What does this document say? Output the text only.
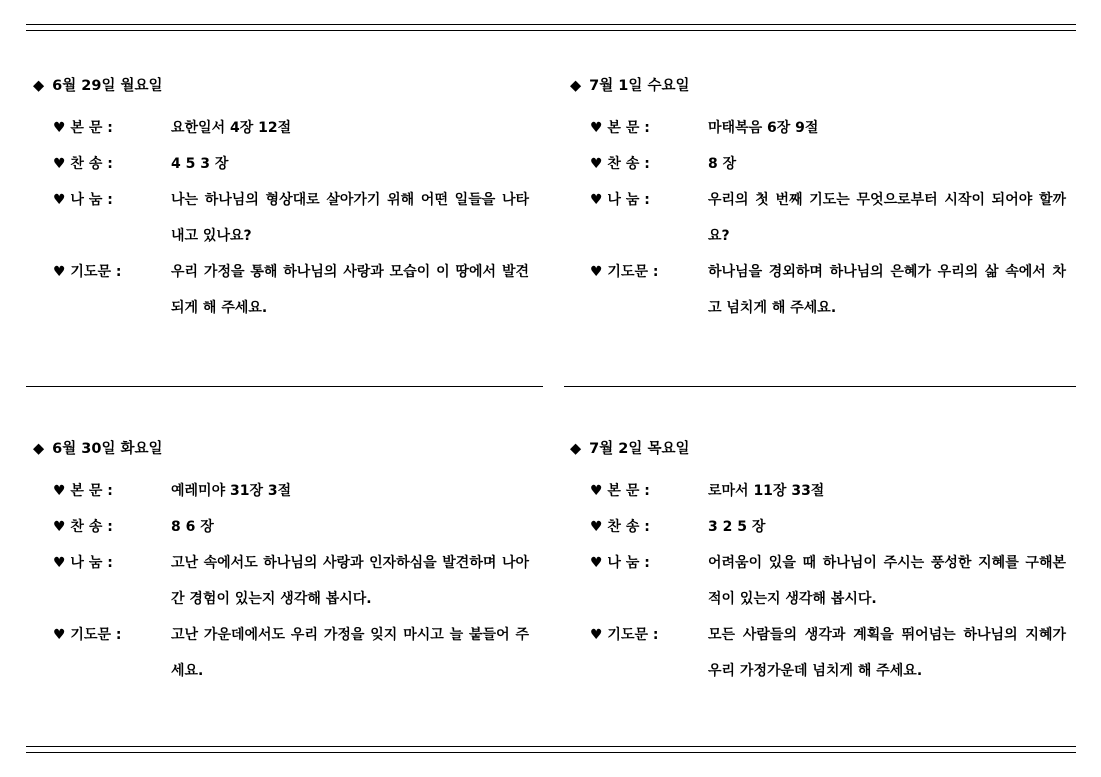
◆ 6월 29일 월요일
♥ 본 문 :	요한일서 4장 12절
♥ 찬 송 :	4 5 3 장
♥ 나 눔 :	나는 하나님의 형상대로 살아가기 위해 어떤 일들을 나타내고 있나요?
♥ 기도문 :	우리 가정을 통해 하나님의 사랑과 모습이 이 땅에서 발견되게 해 주세요.
◆ 7월 1일 수요일
♥ 본 문 :	마태복음 6장 9절
♥ 찬 송 :	8 장
♥ 나 눔 :	우리의 첫 번째 기도는 무엇으로부터 시작이 되어야 할까요?
♥ 기도문 :	하나님을 경외하며 하나님의 은혜가 우리의 삶 속에서 차고 넘치게 해 주세요.
◆ 6월 30일 화요일
♥ 본 문 :	예레미야 31장 3절
♥ 찬 송 :	8 6 장
♥ 나 눔 :	고난 속에서도 하나님의 사랑과 인자하심을 발견하며 나아간 경험이 있는지 생각해 봅시다.
♥ 기도문 :	고난 가운데에서도 우리 가정을 잊지 마시고 늘 붙들어 주세요.
◆ 7월 2일 목요일
♥ 본 문 :	로마서 11장 33절
♥ 찬 송 :	3 2 5 장
♥ 나 눔 :	어려움이 있을 때 하나님이 주시는 풍성한 지혜를 구해본 적이 있는지 생각해 봅시다.
♥ 기도문 :	모든 사람들의 생각과 계획을 뛰어넘는 하나님의 지혜가 우리 가정가운데 넘치게 해 주세요.
